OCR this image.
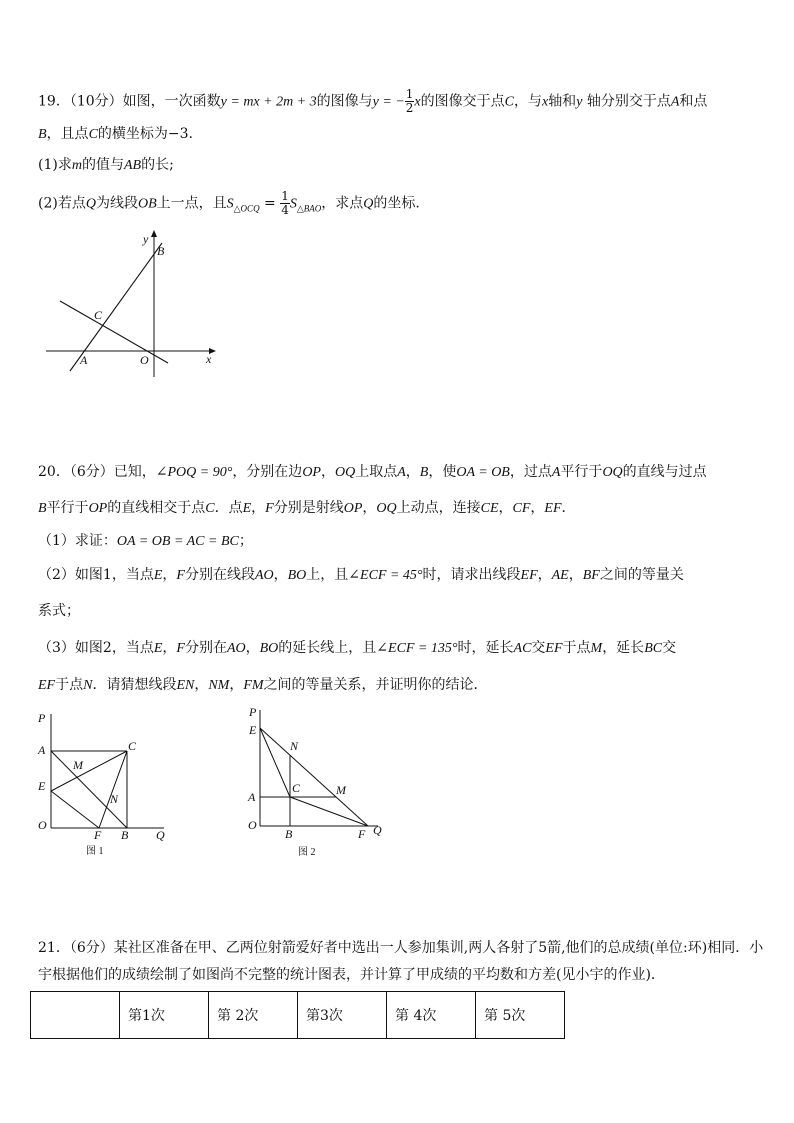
19．（10分）如图，一次函数y = mx + 2m + 3的图像与y = − $\frac{1}{2}$ x的图像交于点C，与x轴和y 轴分别交于点A和点
B，且点C的横坐标为−3.
(1)求m的值与AB的长;
(2)若点Q为线段OB上一点，且$S_{\triangle OCQ} = \frac{1}{4} S_{\triangle BAO}$，求点Q的坐标.
y
B
C
A	O	x
20．（6分）已知，∠POQ = 90°，分别在边OP，OQ上取点A，B，使OA = OB，过点A平行于OQ的直线与过点
B平行于OP的直线相交于点C．点E，F分别是射线OP，OQ上动点，连接CE，CF，EF．
（1）求证：OA = OB = AC = BC；
（2）如图1，当点E，F分别在线段AO，BO上，且∠ECF = 45°时，请求出线段EF，AE，BF之间的等量关
系式；
（3）如图2，当点E，F分别在AO，BO的延长线上，且∠ECF = 135°时，延长AC交EF于点M，延长BC交
EF于点N．请猜想线段EN，NM，FM之间的等量关系，并证明你的结论．
P
A	C
M
E
N
O
F B Q
图 1
P
E
N
C	M
A
O
B	F Q
图 2
21．（6分）某社区准备在甲、乙两位射箭爱好者中选出一人参加集训,两人各射了5箭,他们的总成绩(单位:环)相同．小
宇根据他们的成绩绘制了如图尚不完整的统计图表，并计算了甲成绩的平均数和方差(见小宇的作业)．
	第1次	第 2次	第3次	第 4次	第 5次
